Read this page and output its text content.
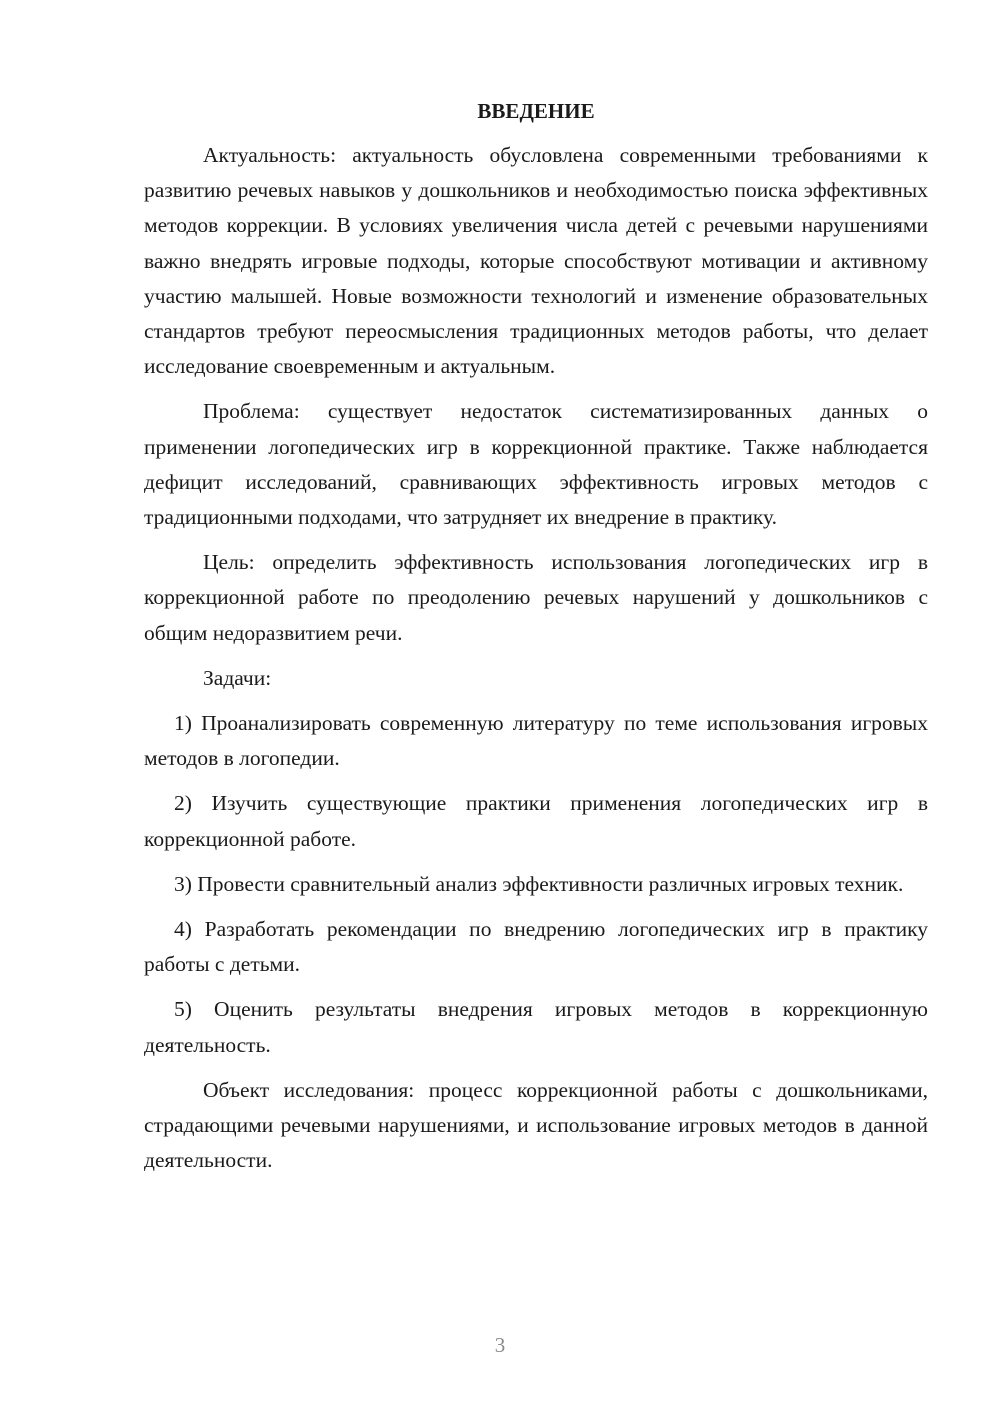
ВВЕДЕНИЕ

Актуальность: актуальность обусловлена современными требованиями к развитию речевых навыков у дошкольников и необходимостью поиска эффективных методов коррекции. В условиях увеличения числа детей с речевыми нарушениями важно внедрять игровые подходы, которые способствуют мотивации и активному участию малышей. Новые возможности технологий и изменение образовательных стандартов требуют переосмысления традиционных методов работы, что делает исследование своевременным и актуальным.

Проблема: существует недостаток систематизированных данных о применении логопедических игр в коррекционной практике. Также наблюдается дефицит исследований, сравнивающих эффективность игровых методов с традиционными подходами, что затрудняет их внедрение в практику.

Цель: определить эффективность использования логопедических игр в коррекционной работе по преодолению речевых нарушений у дошкольников с общим недоразвитием речи.

Задачи:

1) Проанализировать современную литературу по теме использования игровых методов в логопедии.

2) Изучить существующие практики применения логопедических игр в коррекционной работе.

3) Провести сравнительный анализ эффективности различных игровых техник.

4) Разработать рекомендации по внедрению логопедических игр в практику работы с детьми.

5) Оценить результаты внедрения игровых методов в коррекционную деятельность.

Объект исследования: процесс коррекционной работы с дошкольниками, страдающими речевыми нарушениями, и использование игровых методов в данной деятельности.

3
